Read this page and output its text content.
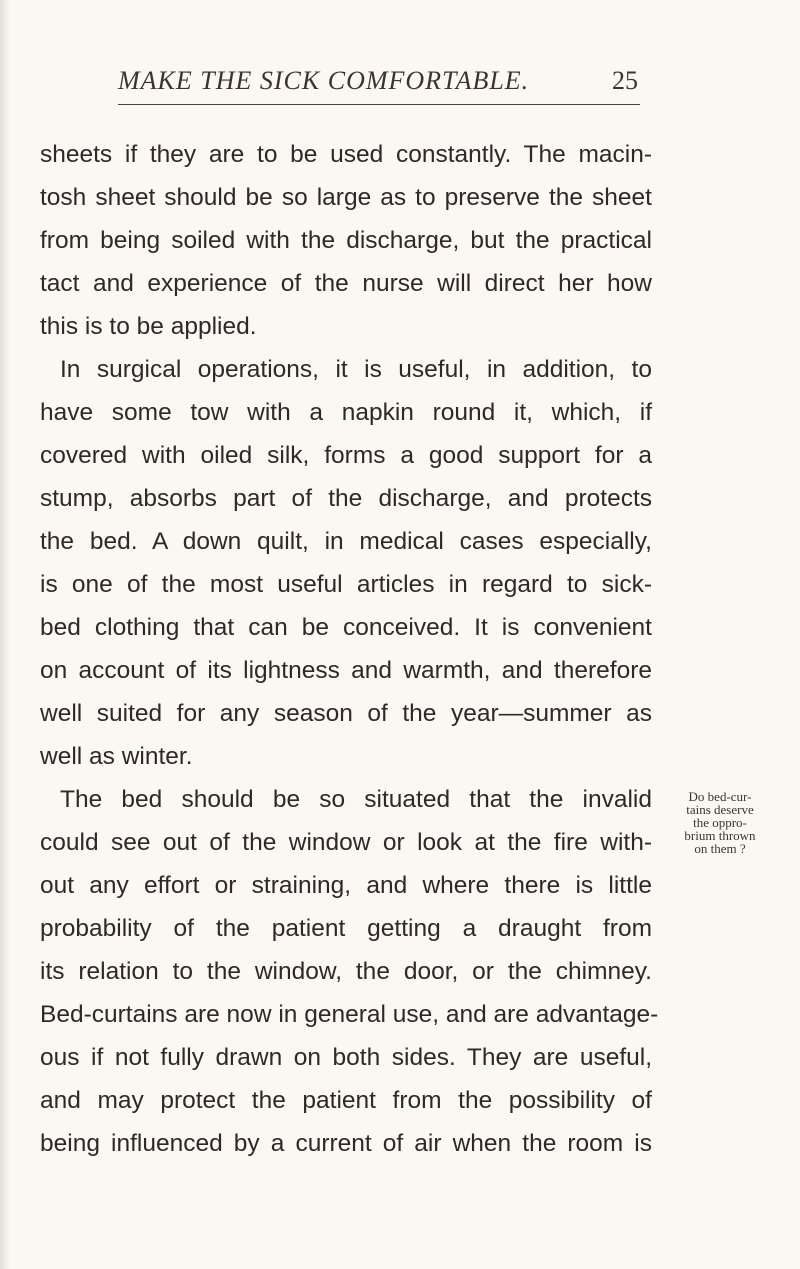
MAKE THE SICK COMFORTABLE.	25
sheets if they are to be used constantly. The macin-
tosh sheet should be so large as to preserve the sheet
from being soiled with the discharge, but the practical
tact and experience of the nurse will direct her how
this is to be applied.
In surgical operations, it is useful, in addition, to
have some tow with a napkin round it, which, if
covered with oiled silk, forms a good support for a
stump, absorbs part of the discharge, and protects
the bed. A down quilt, in medical cases especially,
is one of the most useful articles in regard to sick-
bed clothing that can be conceived. It is convenient
on account of its lightness and warmth, and therefore
well suited for any season of the year—summer as
well as winter.
The bed should be so situated that the invalid
could see out of the window or look at the fire with-
out any effort or straining, and where there is little
probability of the patient getting a draught from
its relation to the window, the door, or the chimney.
Bed-curtains are now in general use, and are advantage-
ous if not fully drawn on both sides. They are useful,
and may protect the patient from the possibility of
being influenced by a current of air when the room is
Do bed-cur-
tains deserve
the oppro-
brium thrown
on them ?
